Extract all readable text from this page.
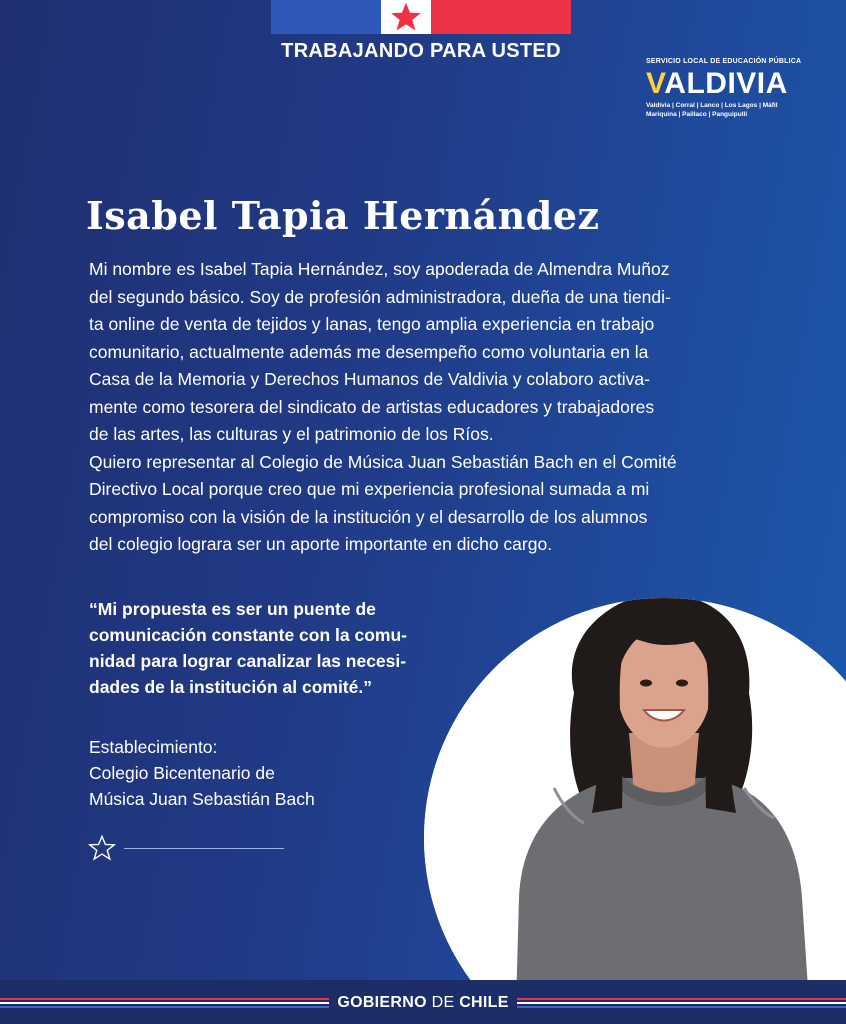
TRABAJANDO PARA USTED	SERVICIO LOCAL DE EDUCACIÓN PÚBLICA
VALDIVIA
Valdivia | Corral | Lanco | Los Lagos | Máfil
Mariquina | Paillaco | Panguipulli
Isabel Tapia Hernández
Mi nombre es Isabel Tapia Hernández, soy apoderada de Almendra Muñoz
del segundo básico. Soy de profesión administradora, dueña de una tiendi-
ta online de venta de tejidos y lanas, tengo amplia experiencia en trabajo
comunitario, actualmente además me desempeño como voluntaria en la
Casa de la Memoria y Derechos Humanos de Valdivia y colaboro activa-
mente como tesorera del sindicato de artistas educadores y trabajadores
de las artes, las culturas y el patrimonio de los Ríos.
Quiero representar al Colegio de Música Juan Sebastián Bach en el Comité
Directivo Local porque creo que mi experiencia profesional sumada a mi
compromiso con la visión de la institución y el desarrollo de los alumnos
del colegio lograra ser un aporte importante en dicho cargo.
“Mi propuesta es ser un puente de
comunicación constante con la comu-
nidad para lograr canalizar las necesi-
dades de la institución al comité.”
Establecimiento:
Colegio Bicentenario de
Música Juan Sebastián Bach
GOBIERNO DE CHILE
